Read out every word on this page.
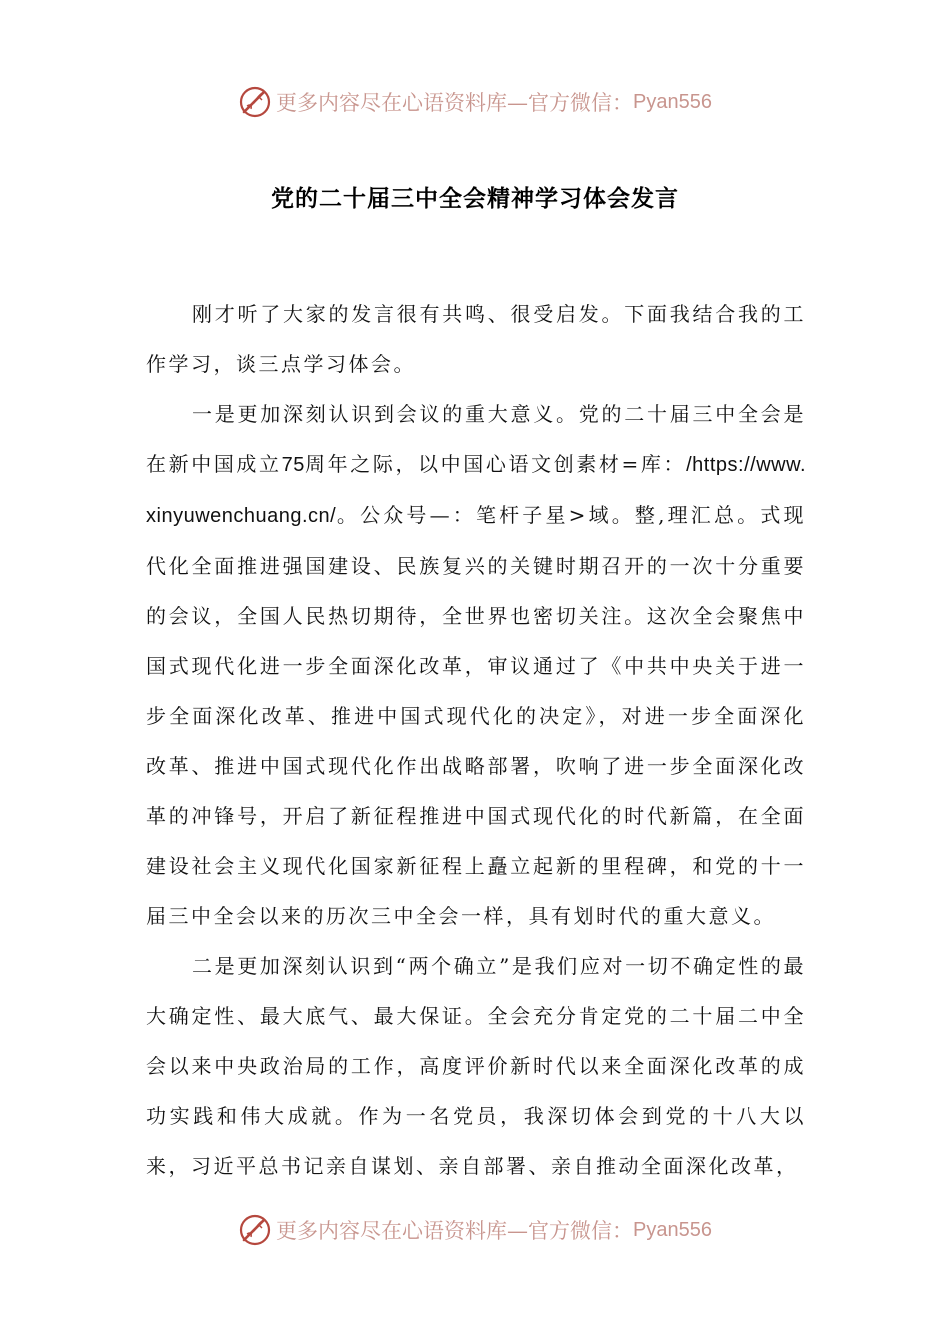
更多内容尽在心语资料库—官方微信： Pyan556
党的二十届三中全会精神学习体会发言

刚才听了大家的发言很有共鸣、很受启发。下面我结合我的工作学习，谈三点学习体会。

一是更加深刻认识到会议的重大意义。党的二十届三中全会是在新中国成立75周年之际，以中国心语文创素材=库：/https://www.xinyuwenchuang.cn/。公众号—：笔杆子星>域。整,理汇总。式现代化全面推进强国建设、民族复兴的关键时期召开的一次十分重要的会议，全国人民热切期待，全世界也密切关注。这次全会聚焦中国式现代化进一步全面深化改革，审议通过了《中共中央关于进一步全面深化改革、推进中国式现代化的决定》，对进一步全面深化改革、推进中国式现代化作出战略部署，吹响了进一步全面深化改革的冲锋号，开启了新征程推进中国式现代化的时代新篇，在全面建设社会主义现代化国家新征程上矗立起新的里程碑，和党的十一届三中全会以来的历次三中全会一样，具有划时代的重大意义。

二是更加深刻认识到“两个确立”是我们应对一切不确定性的最大确定性、最大底气、最大保证。全会充分肯定党的二十届二中全会以来中央政治局的工作，高度评价新时代以来全面深化改革的成功实践和伟大成就。作为一名党员，我深切体会到党的十八大以来，习近平总书记亲自谋划、亲自部署、亲自推动全面深化改革，

更多内容尽在心语资料库—官方微信： Pyan556
